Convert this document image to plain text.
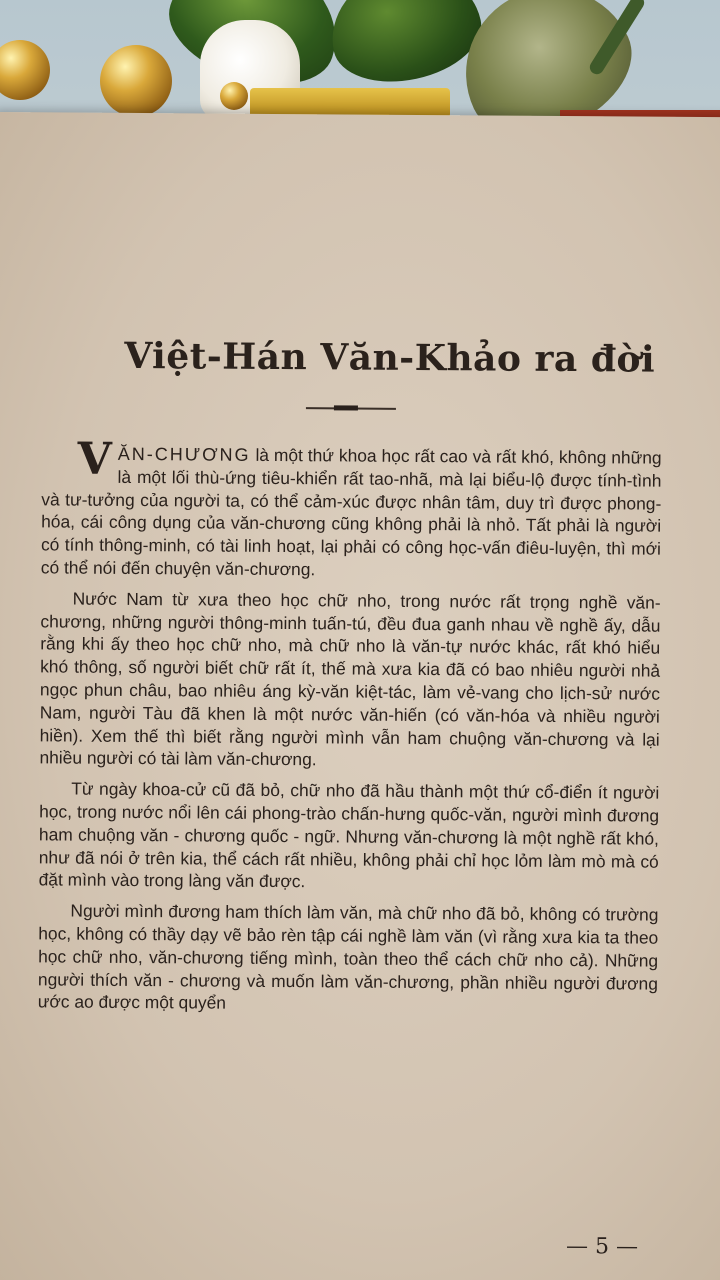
Việt-Hán Văn-Khảo ra đời

VĂN-CHƯƠNG là một thứ khoa học rất cao và rất khó, không những là một lối thù-ứng tiêu-khiển rất tao-nhã, mà lại biểu-lộ được tính-tình và tư-tưởng của người ta, có thể cảm-xúc được nhân tâm, duy trì được phong-hóa, cái công dụng của văn-chương cũng không phải là nhỏ. Tất phải là người có tính thông-minh, có tài linh hoạt, lại phải có công học-vấn điêu-luyện, thì mới có thể nói đến chuyện văn-chương.

Nước Nam từ xưa theo học chữ nho, trong nước rất trọng nghề văn-chương, những người thông-minh tuấn-tú, đều đua ganh nhau về nghề ấy, dẫu rằng khi ấy theo học chữ nho, mà chữ nho là văn-tự nước khác, rất khó hiểu khó thông, số người biết chữ rất ít, thế mà xưa kia đã có bao nhiêu người nhả ngọc phun châu, bao nhiêu áng kỳ-văn kiệt-tác, làm vẻ-vang cho lịch-sử nước Nam, người Tàu đã khen là một nước văn-hiến (có văn-hóa và nhiều người hiền). Xem thế thì biết rằng người mình vẫn ham chuộng văn-chương và lại nhiều người có tài làm văn-chương.

Từ ngày khoa-cử cũ đã bỏ, chữ nho đã hầu thành một thứ cổ-điển ít người học, trong nước nổi lên cái phong-trào chấn-hưng quốc-văn, người mình đương ham chuộng văn - chương quốc - ngữ. Nhưng văn-chương là một nghề rất khó, như đã nói ở trên kia, thể cách rất nhiều, không phải chỉ học lỏm làm mò mà có đặt mình vào trong làng văn được.

Người mình đương ham thích làm văn, mà chữ nho đã bỏ, không có trường học, không có thầy dạy vẽ bảo rèn tập cái nghề làm văn (vì rằng xưa kia ta theo học chữ nho, văn-chương tiếng mình, toàn theo thể cách chữ nho cả). Những người thích văn - chương và muốn làm văn-chương, phần nhiều người đương ước ao được một quyển

— 5 —
